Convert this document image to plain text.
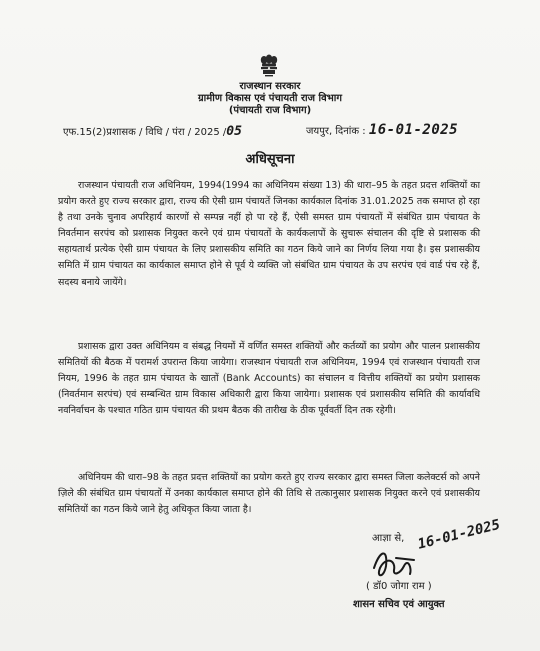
राजस्थान सरकार
ग्रामीण विकास एवं पंचायती राज विभाग
(पंचायती राज विभाग)
एफ.15(2)प्रशासक / विधि / पंरा / 2025 /05	जयपुर, दिनांक : 16-01-2025
अधिसूचना

राजस्थान पंचायती राज अधिनियम, 1994(1994 का अधिनियम संख्या 13) की धारा–95 के तहत प्रदत्त शक्तियों का प्रयोग करते हुए राज्य सरकार द्वारा, राज्य की ऐसी ग्राम पंचायतें जिनका कार्यकाल दिनांक 31.01.2025 तक समाप्त हो रहा है तथा उनके चुनाव अपरिहार्य कारणों से सम्पन्न नहीं हो पा रहे हैं, ऐसी समस्त ग्राम पंचायतों में संबंधित ग्राम पंचायत के निवर्तमान सरपंच को प्रशासक नियुक्त करने एवं ग्राम पंचायतों के कार्यकलापों के सुचारू संचालन की दृष्टि से प्रशासक की सहायतार्थ प्रत्येक ऐसी ग्राम पंचायत के लिए प्रशासकीय समिति का गठन किये जाने का निर्णय लिया गया है। इस प्रशासकीय समिति में ग्राम पंचायत का कार्यकाल समाप्त होने से पूर्व ये व्यक्ति जो संबंधित ग्राम पंचायत के उप सरपंच एवं वार्ड पंच रहे हैं, सदस्य बनाये जायेंगे।

प्रशासक द्वारा उक्त अधिनियम व संबद्ध नियमों में वर्णित समस्त शक्तियों और कर्तव्यों का प्रयोग और पालन प्रशासकीय समितियों की बैठक में परामर्श उपरान्त किया जायेगा। राजस्थान पंचायती राज अधिनियम, 1994 एवं राजस्थान पंचायती राज नियम, 1996 के तहत ग्राम पंचायत के खातों (Bank Accounts) का संचालन व वित्तीय शक्तियों का प्रयोग प्रशासक (निवर्तमान सरपंच) एवं सम्बन्धित ग्राम विकास अधिकारी द्वारा किया जायेगा। प्रशासक एवं प्रशासकीय समिति की कार्यावधि नवनिर्वाचन के पश्चात गठित ग्राम पंचायत की प्रथम बैठक की तारीख के ठीक पूर्ववर्ती दिन तक रहेगी।

अधिनियम की धारा–98 के तहत प्रदत्त शक्तियों का प्रयोग करते हुए राज्य सरकार द्वारा समस्त जिला कलेक्टर्स को अपने ज़िले की संबंधित ग्राम पंचायतों में उनका कार्यकाल समाप्त होने की तिथि से तत्कानुसार प्रशासक नियुक्त करने एवं प्रशासकीय समितियों का गठन किये जाने हेतु अधिकृत किया जाता है।

आज्ञा से, 16-01-2025
( डॉ0 जोगा राम )
शासन सचिव एवं आयुक्त
